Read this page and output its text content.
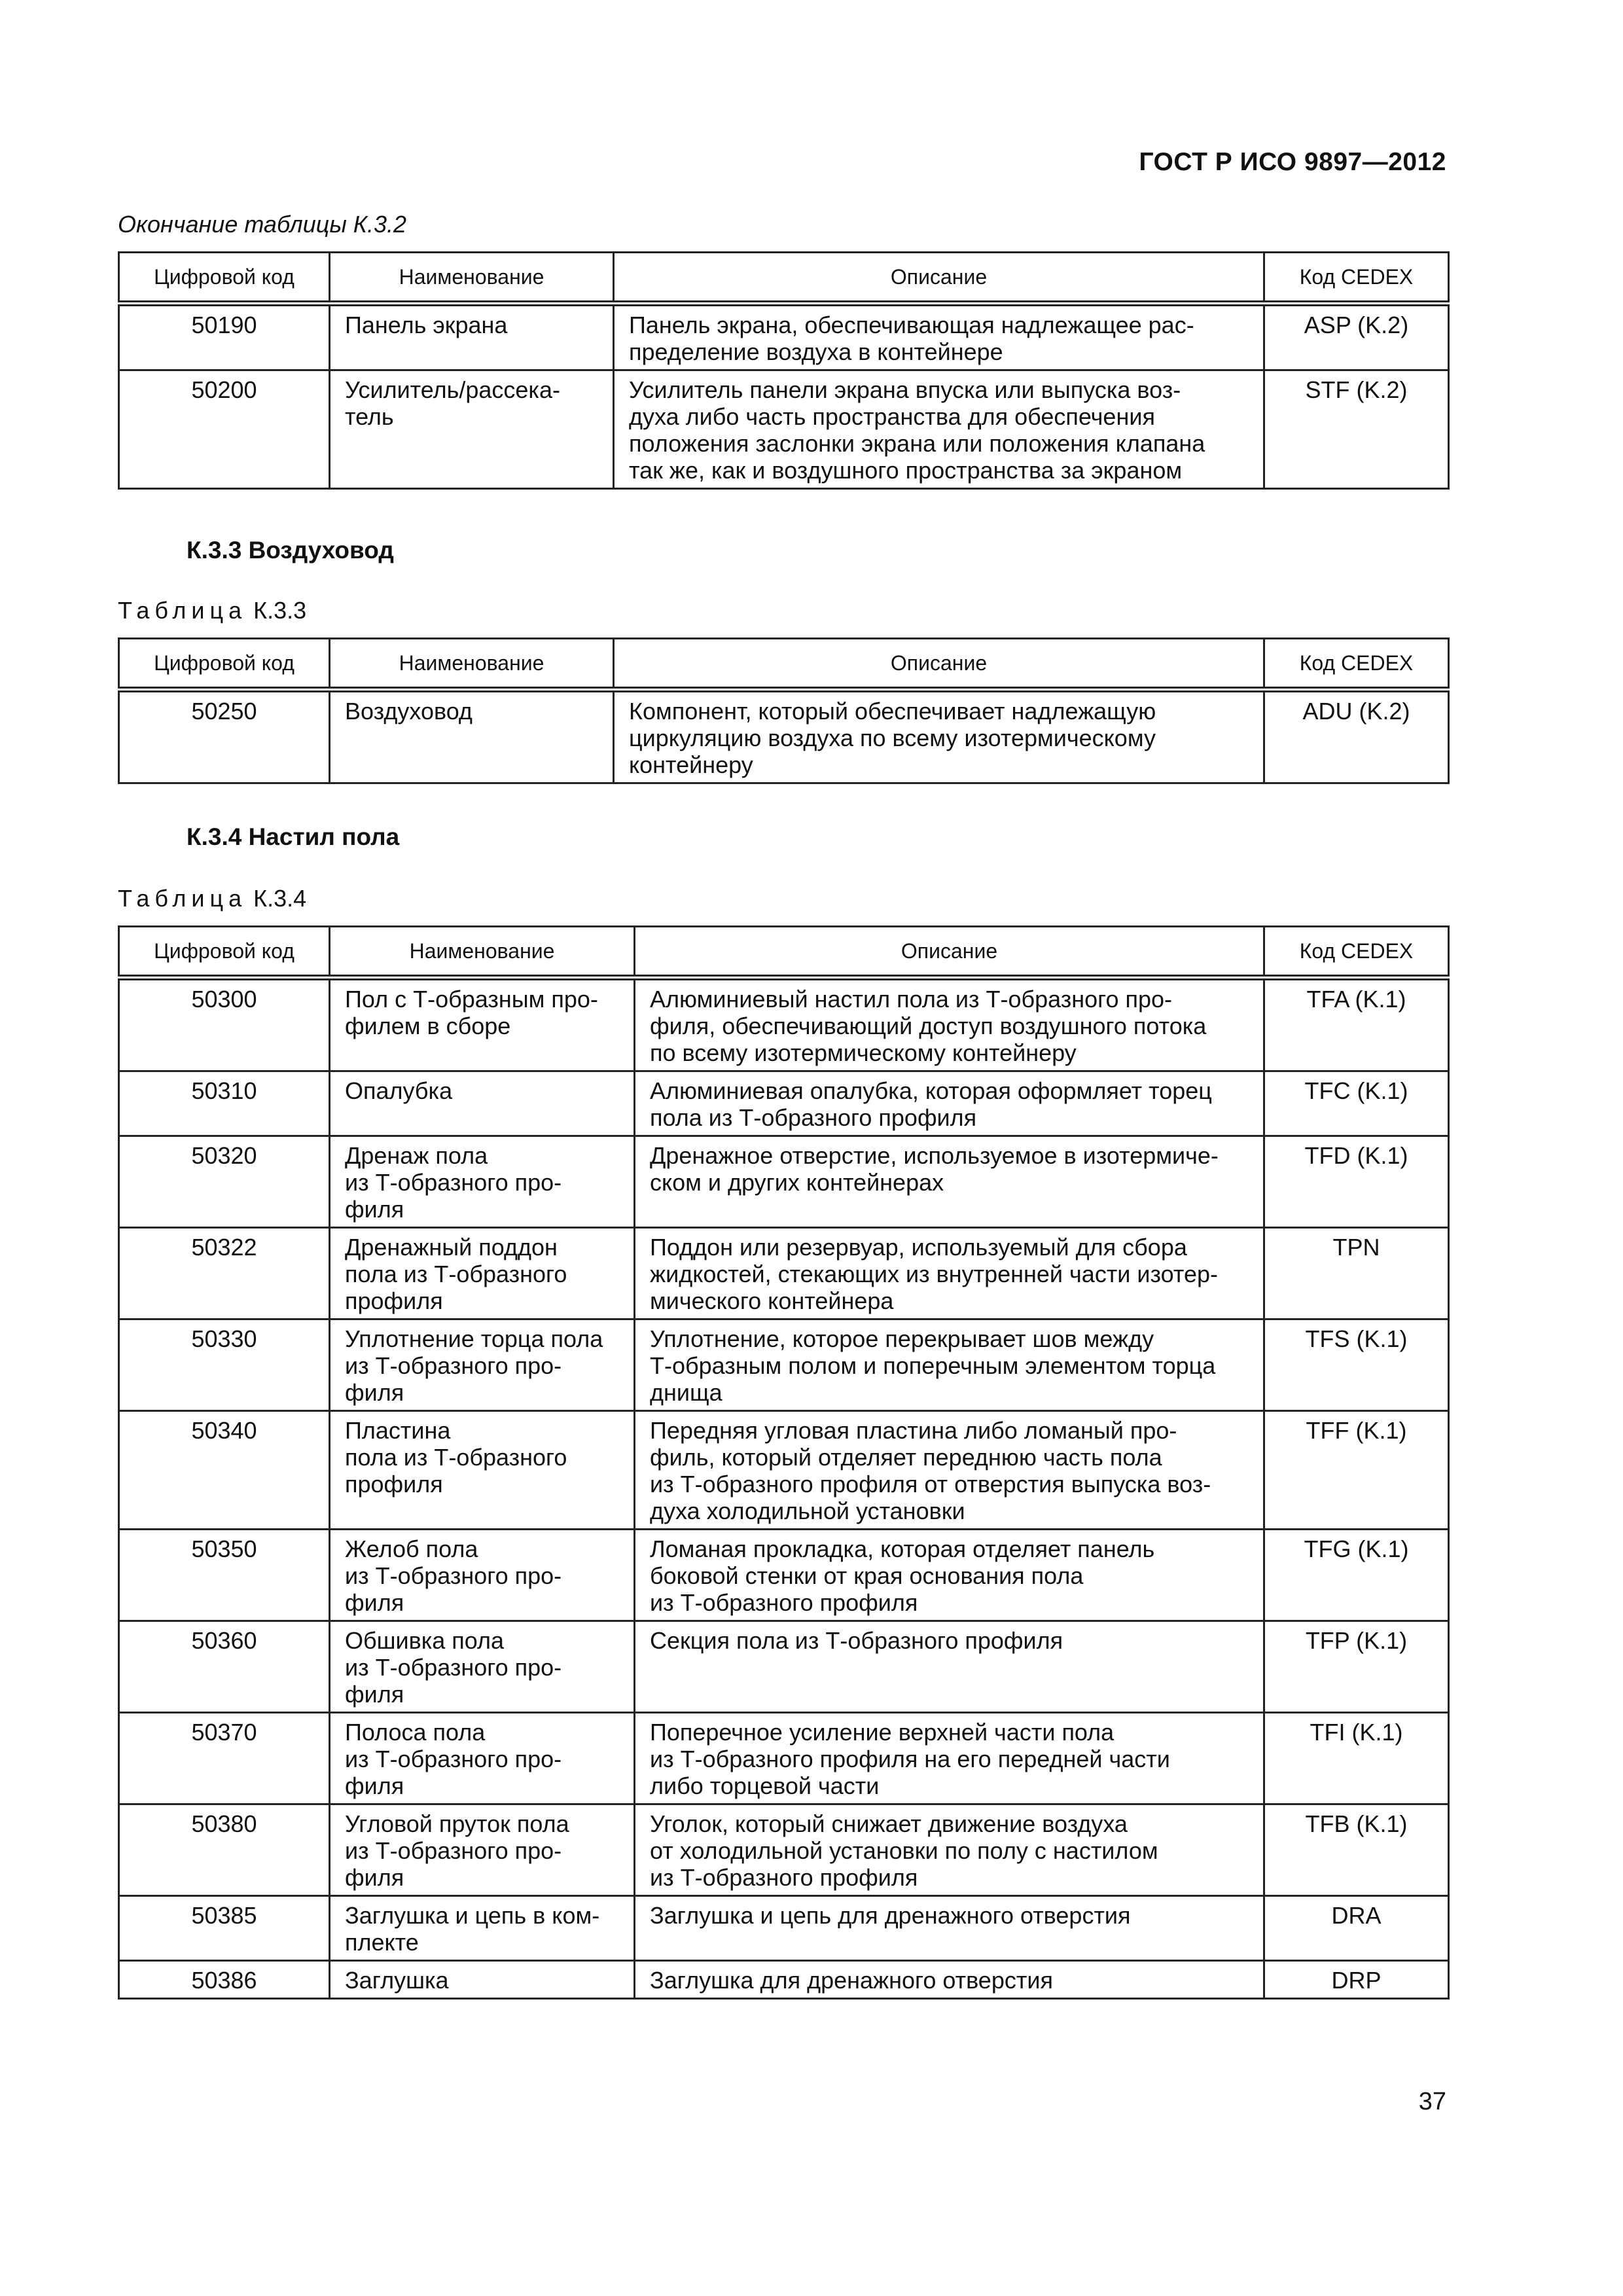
ГОСТ Р ИСО 9897—2012
Окончание таблицы К.3.2
Цифровой код	Наименование	Описание	Код CEDEX
50190	Панель экрана	Панель экрана, обеспечивающая надлежащее рас-
пределение воздуха в контейнере	ASP (K.2)
50200	Усилитель/рассека-
тель	Усилитель панели экрана впуска или выпуска воз-
духа либо часть пространства для обеспечения
положения заслонки экрана или положения клапана
так же, как и воздушного пространства за экраном	STF (K.2)
К.3.3 Воздуховод
Таблица К.3.3
Цифровой код	Наименование	Описание	Код CEDEX
50250	Воздуховод	Компонент, который обеспечивает надлежащую
циркуляцию воздуха по всему изотермическому
контейнеру	ADU (K.2)
К.3.4 Настил пола
Таблица К.3.4
Цифровой код	Наименование	Описание	Код CEDEX
50300	Пол с Т-образным про-
филем в сборе	Алюминиевый настил пола из Т-образного про-
филя, обеспечивающий доступ воздушного потока
по всему изотермическому контейнеру	TFA (K.1)
50310	Опалубка	Алюминиевая опалубка, которая оформляет торец
пола из Т-образного профиля	TFC (K.1)
50320	Дренаж пола
из Т-образного про-
филя	Дренажное отверстие, используемое в изотермиче-
ском и других контейнерах	TFD (K.1)
50322	Дренажный поддон
пола из Т-образного
профиля	Поддон или резервуар, используемый для сбора
жидкостей, стекающих из внутренней части изотер-
мического контейнера	TPN
50330	Уплотнение торца пола
из Т-образного про-
филя	Уплотнение, которое перекрывает шов между
Т-образным полом и поперечным элементом торца
днища	TFS (K.1)
50340	Пластина
пола из Т-образного
профиля	Передняя угловая пластина либо ломаный про-
филь, который отделяет переднюю часть пола
из Т-образного профиля от отверстия выпуска воз-
духа холодильной установки	TFF (K.1)
50350	Желоб пола
из Т-образного про-
филя	Ломаная прокладка, которая отделяет панель
боковой стенки от края основания пола
из Т-образного профиля	TFG (K.1)
50360	Обшивка пола
из Т-образного про-
филя	Секция пола из Т-образного профиля	TFP (K.1)
50370	Полоса пола
из Т-образного про-
филя	Поперечное усиление верхней части пола
из Т-образного профиля на его передней части
либо торцевой части	TFI (K.1)
50380	Угловой пруток пола
из Т-образного про-
филя	Уголок, который снижает движение воздуха
от холодильной установки по полу с настилом
из Т-образного профиля	TFB (K.1)
50385	Заглушка и цепь в ком-
плекте	Заглушка и цепь для дренажного отверстия	DRA
50386	Заглушка	Заглушка для дренажного отверстия	DRP
37
